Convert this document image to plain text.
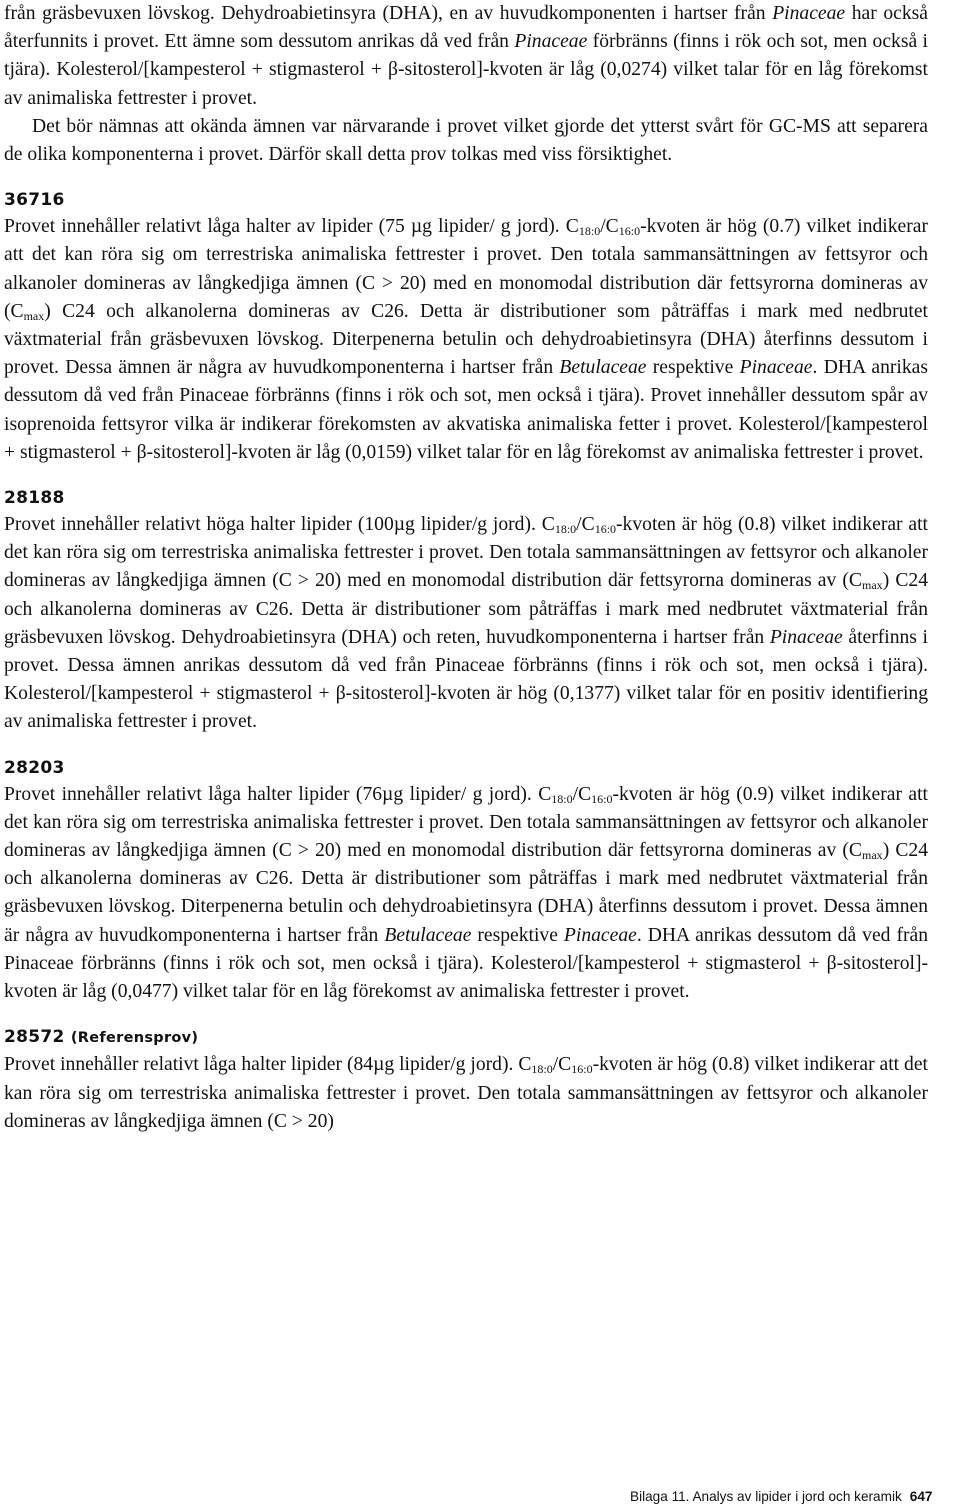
från gräsbevuxen lövskog. Dehydroabietinsyra (DHA), en av huvudkomponenten i hartser från Pinaceae har också återfunnits i provet. Ett ämne som dessutom anrikas då ved från Pinaceae förbränns (finns i rök och sot, men också i tjära). Kolesterol/[kampesterol + stigmasterol + β-sitosterol]-kvoten är låg (0,0274) vilket talar för en låg förekomst av animaliska fettrester i provet.

Det bör nämnas att okända ämnen var närvarande i provet vilket gjorde det ytterst svårt för GC-MS att separera de olika komponenterna i provet. Därför skall detta prov tolkas med viss försiktighet.

36716

Provet innehåller relativt låga halter av lipider (75 µg lipider/ g jord). $C_{18:0}/C_{16:0}$-kvoten är hög (0.7) vilket indikerar att det kan röra sig om terrestriska animaliska fettrester i provet. Den totala sammansättningen av fettsyror och alkanoler domineras av långkedjiga ämnen (C > 20) med en monomodal distribution där fettsyrorna domineras av $(C_{max})$ C24 och alkanolerna domineras av C26. Detta är distributioner som påträffas i mark med nedbrutet växtmaterial från gräsbevuxen lövskog. Diterpenerna betulin och dehydroabietinsyra (DHA) återfinns dessutom i provet. Dessa ämnen är några av huvudkomponenterna i hartser från Betulaceae respektive Pinaceae. DHA anrikas dessutom då ved från Pinaceae förbränns (finns i rök och sot, men också i tjära). Provet innehåller dessutom spår av isoprenoida fettsyror vilka är indikerar förekomsten av akvatiska animaliska fetter i provet. Kolesterol/[kampesterol + stigmasterol + β-sitosterol]-kvoten är låg (0,0159) vilket talar för en låg förekomst av animaliska fettrester i provet.

28188

Provet innehåller relativt höga halter lipider (100µg lipider/g jord). $C_{18:0}/C_{16:0}$-kvoten är hög (0.8) vilket indikerar att det kan röra sig om terrestriska animaliska fettrester i provet. Den totala sammansättningen av fettsyror och alkanoler domineras av långkedjiga ämnen (C > 20) med en monomodal distribution där fettsyrorna domineras av $(C_{max})$ C24 och alkanolerna domineras av C26. Detta är distributioner som påträffas i mark med nedbrutet växtmaterial från gräsbevuxen lövskog. Dehydroabietinsyra (DHA) och reten, huvudkomponenterna i hartser från Pinaceae återfinns i provet. Dessa ämnen anrikas dessutom då ved från Pinaceae förbränns (finns i rök och sot, men också i tjära). Kolesterol/[kampesterol + stigmasterol + β-sitosterol]-kvoten är hög (0,1377) vilket talar för en positiv identifiering av animaliska fettrester i provet.

28203

Provet innehåller relativt låga halter lipider (76µg lipider/ g jord). $C_{18:0}/C_{16:0}$-kvoten är hög (0.9) vilket indikerar att det kan röra sig om terrestriska animaliska fettrester i provet. Den totala sammansättningen av fettsyror och alkanoler domineras av långkedjiga ämnen (C > 20) med en monomodal distribution där fettsyrorna domineras av $(C_{max})$ C24 och alkanolerna domineras av C26. Detta är distributioner som påträffas i mark med nedbrutet växtmaterial från gräsbevuxen lövskog. Diterpenerna betulin och dehydroabietinsyra (DHA) återfinns dessutom i provet. Dessa ämnen är några av huvudkomponenterna i hartser från Betulaceae respektive Pinaceae. DHA anrikas dessutom då ved från Pinaceae förbränns (finns i rök och sot, men också i tjära). Kolesterol/[kampesterol + stigmasterol + β-sitosterol]-kvoten är låg (0,0477) vilket talar för en låg förekomst av animaliska fettrester i provet.

28572 (Referensprov)

Provet innehåller relativt låga halter lipider (84µg lipider/g jord). $C_{18:0}/C_{16:0}$-kvoten är hög (0.8) vilket indikerar att det kan röra sig om terrestriska animaliska fettrester i provet. Den totala sammansättningen av fettsyror och alkanoler domineras av långkedjiga ämnen (C > 20)

Bilaga 11. Analys av lipider i jord och keramik 647
